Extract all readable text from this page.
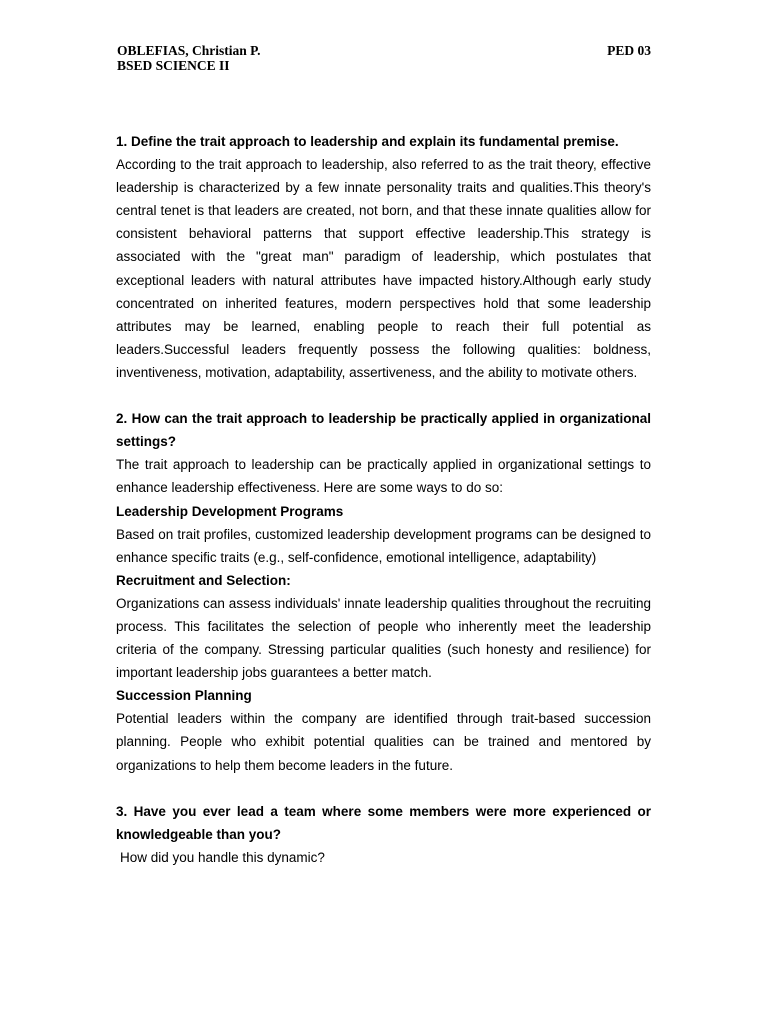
OBLEFIAS, Christian P.
BSED SCIENCE II
PED 03

1. Define the trait approach to leadership and explain its fundamental premise.

According to the trait approach to leadership, also referred to as the trait theory, effective leadership is characterized by a few innate personality traits and qualities.This theory's central tenet is that leaders are created, not born, and that these innate qualities allow for consistent behavioral patterns that support effective leadership.This strategy is associated with the "great man" paradigm of leadership, which postulates that exceptional leaders with natural attributes have impacted history.Although early study concentrated on inherited features, modern perspectives hold that some leadership attributes may be learned, enabling people to reach their full potential as leaders.Successful leaders frequently possess the following qualities: boldness, inventiveness, motivation, adaptability, assertiveness, and the ability to motivate others.

2. How can the trait approach to leadership be practically applied in organizational settings?

The trait approach to leadership can be practically applied in organizational settings to enhance leadership effectiveness. Here are some ways to do so:

Leadership Development Programs

Based on trait profiles, customized leadership development programs can be designed to enhance specific traits (e.g., self-confidence, emotional intelligence, adaptability)

Recruitment and Selection:

Organizations can assess individuals' innate leadership qualities throughout the recruiting process. This facilitates the selection of people who inherently meet the leadership criteria of the company. Stressing particular qualities (such honesty and resilience) for important leadership jobs guarantees a better match.

Succession Planning

Potential leaders within the company are identified through trait-based succession planning. People who exhibit potential qualities can be trained and mentored by organizations to help them become leaders in the future.

3. Have you ever lead a team where some members were more experienced or knowledgeable than you?

How did you handle this dynamic?
